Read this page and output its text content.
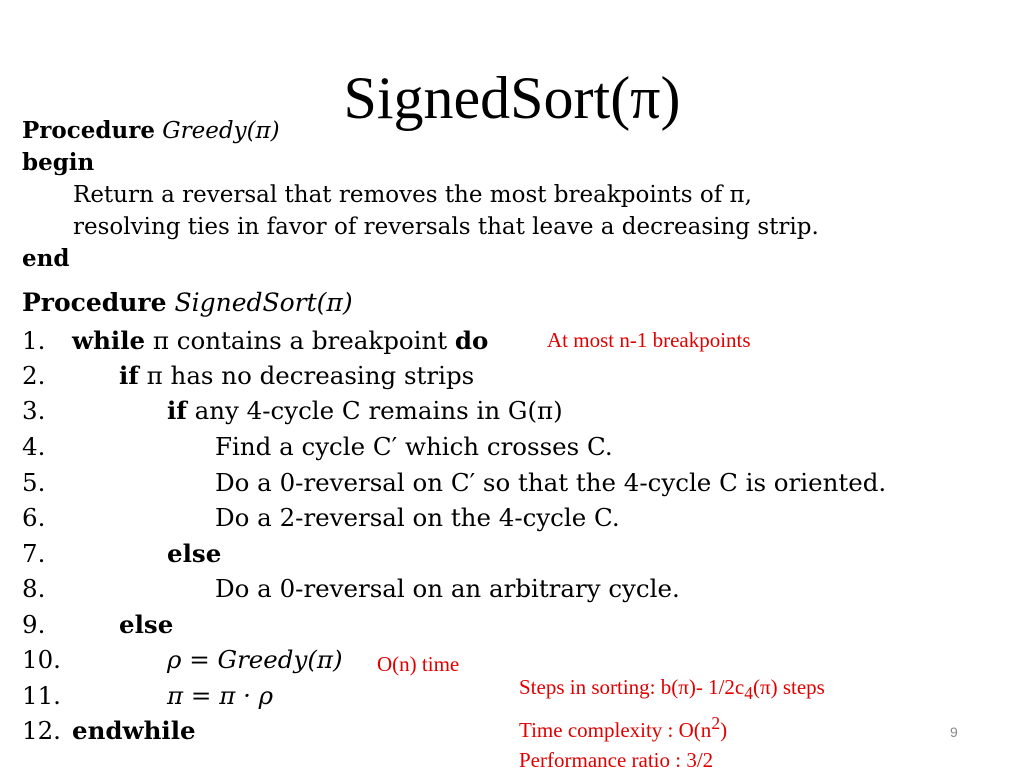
SignedSort(π)
Procedure Greedy(π)
begin
Return a reversal that removes the most breakpoints of π,
resolving ties in favor of reversals that leave a decreasing strip.
end
Procedure SignedSort(π)
1.	while π contains a breakpoint do
2.	if π has no decreasing strips
3.	if any 4-cycle C remains in G(π)
4.	Find a cycle C′ which crosses C.
5.	Do a 0-reversal on C′ so that the 4-cycle C is oriented.
6.	Do a 2-reversal on the 4-cycle C.
7.	else
8.	Do a 0-reversal on an arbitrary cycle.
9.	else
10.	ρ = Greedy(π)
11.	π = π · ρ
12. endwhile
At most n-1 breakpoints
O(n) time
Steps in sorting: b(π)- $1/2c_4(\pi)$ steps
Time complexity : $O(n^2)$
Performance ratio : 3/2
9
